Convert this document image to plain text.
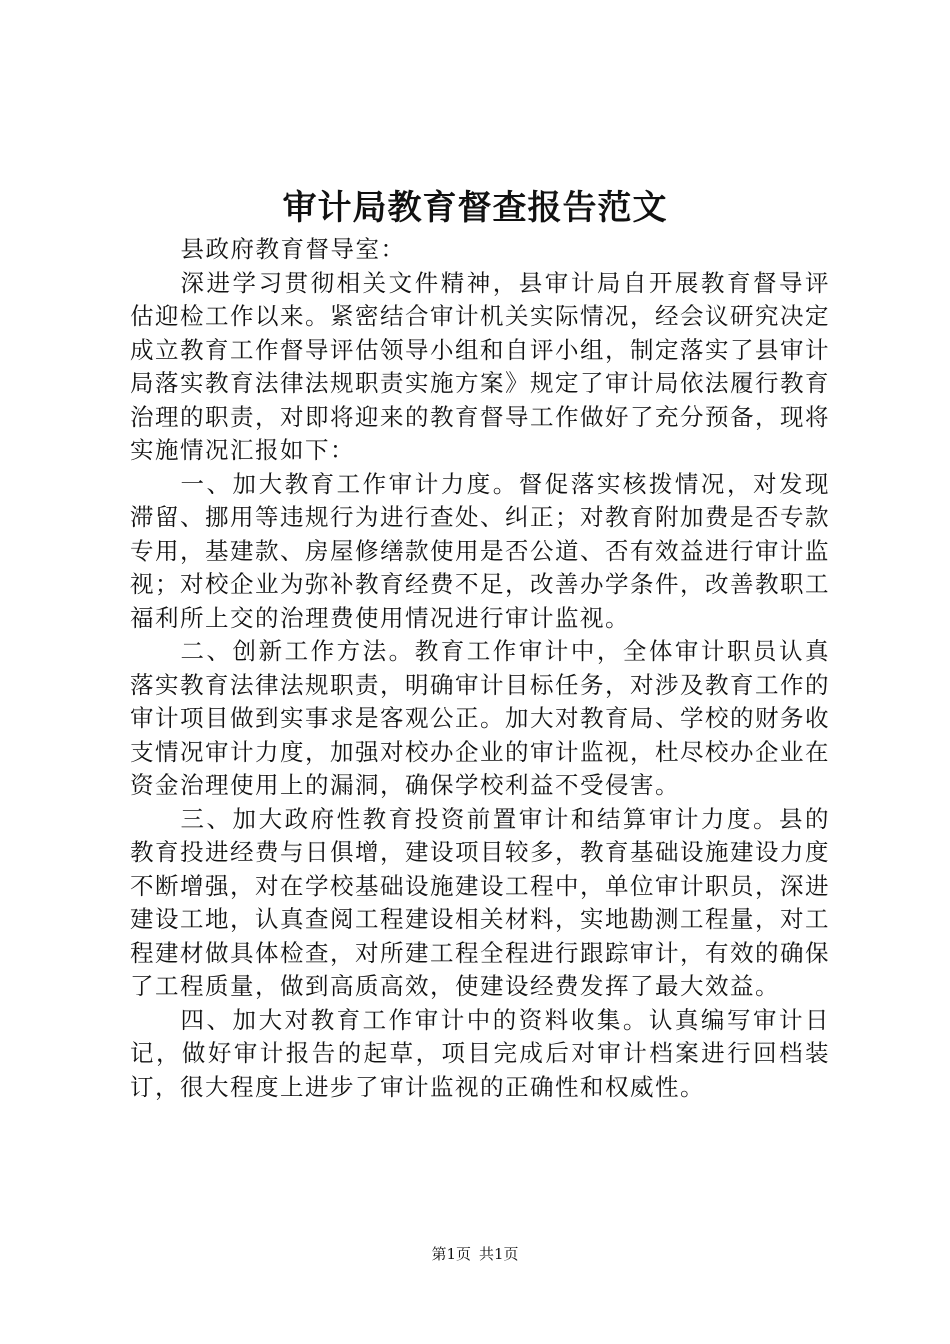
审计局教育督查报告范文

县政府教育督导室：

深进学习贯彻相关文件精神，县审计局自开展教育督导评估迎检工作以来。紧密结合审计机关实际情况，经会议研究决定成立教育工作督导评估领导小组和自评小组，制定落实了县审计局落实教育法律法规职责实施方案》规定了审计局依法履行教育治理的职责，对即将迎来的教育督导工作做好了充分预备，现将实施情况汇报如下：

一、加大教育工作审计力度。督促落实核拨情况，对发现滞留、挪用等违规行为进行查处、纠正；对教育附加费是否专款专用，基建款、房屋修缮款使用是否公道、否有效益进行审计监视；对校企业为弥补教育经费不足，改善办学条件，改善教职工福利所上交的治理费使用情况进行审计监视。

二、创新工作方法。教育工作审计中，全体审计职员认真落实教育法律法规职责，明确审计目标任务，对涉及教育工作的审计项目做到实事求是客观公正。加大对教育局、学校的财务收支情况审计力度，加强对校办企业的审计监视，杜尽校办企业在资金治理使用上的漏洞，确保学校利益不受侵害。

三、加大政府性教育投资前置审计和结算审计力度。县的教育投进经费与日俱增，建设项目较多，教育基础设施建设力度不断增强，对在学校基础设施建设工程中，单位审计职员，深进建设工地，认真查阅工程建设相关材料，实地勘测工程量，对工程建材做具体检查，对所建工程全程进行跟踪审计，有效的确保了工程质量，做到高质高效，使建设经费发挥了最大效益。

四、加大对教育工作审计中的资料收集。认真编写审计日记，做好审计报告的起草，项目完成后对审计档案进行回档装订，很大程度上进步了审计监视的正确性和权威性。

第1页 共1页
